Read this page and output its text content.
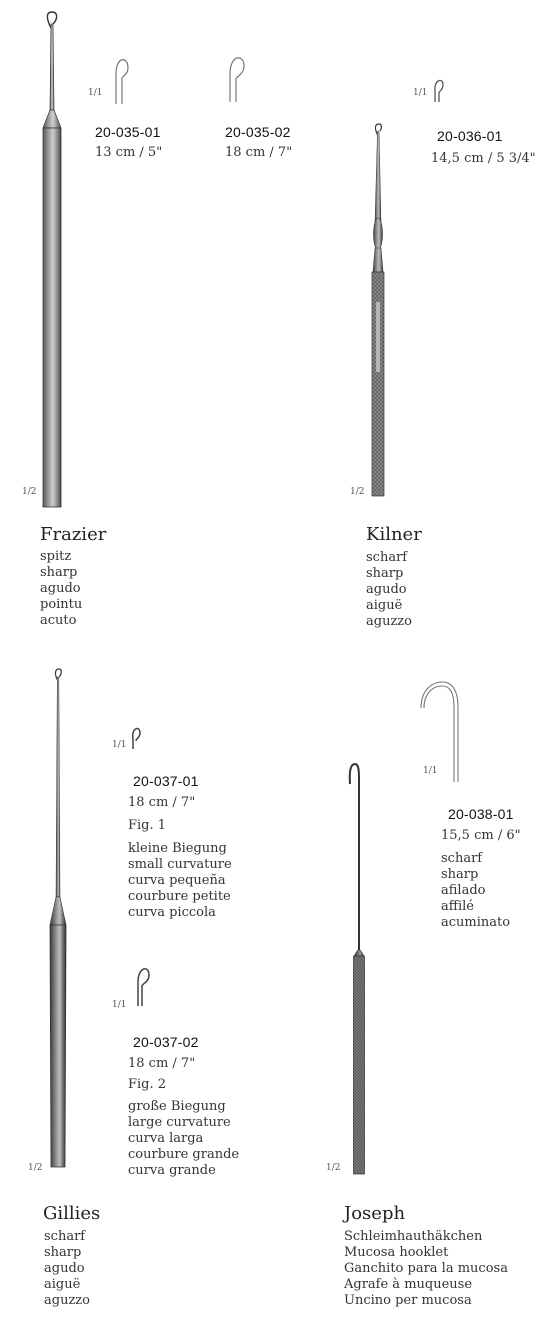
1/2
1/1
20-035-01
13 cm / 5"
20-035-02
18 cm / 7"
Frazier
spitz
sharp
agudo
pointu
acuto
1/2
1/1
20-036-01
14,5 cm / 5 3/4"
Kilner
scharf
sharp
agudo
aiguë
aguzzo
1/2
1/1
20-037-01
18 cm / 7"
Fig. 1
kleine Biegung
small curvature
curva pequeña
courbure petite
curva piccola
1/1
20-037-02
18 cm / 7"
Fig. 2
große Biegung
large curvature
curva larga
courbure grande
curva grande
Gillies
scharf
sharp
agudo
aiguë
aguzzo
1/2
1/1
20-038-01
15,5 cm / 6"
scharf
sharp
afilado
affilé
acuminato
Joseph
Schleimhauthäkchen
Mucosa hooklet
Ganchito para la mucosa
Agrafe à muqueuse
Uncino per mucosa
